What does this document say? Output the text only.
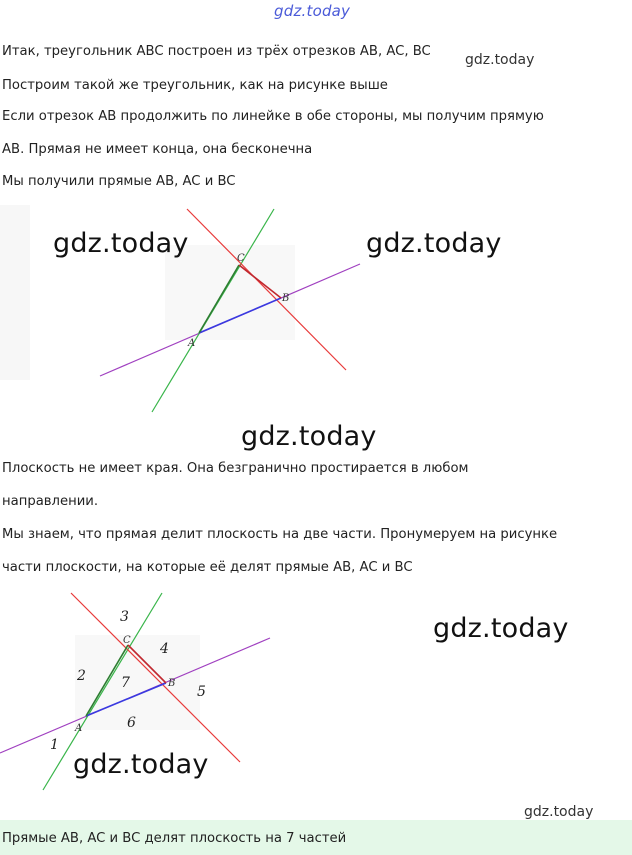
gdz.today
Итак, треугольник ABC построен из трёх отрезков AB, AC, BC
gdz.today
Построим такой же треугольник, как на рисунке выше
Если отрезок AB продолжить по линейке в обе стороны, мы получим прямую
AB. Прямая не имеет конца, она бесконечна
Мы получили прямые AB, AC и BC
A
B
C
gdz.today	gdz.today
gdz.today
Плоскость не имеет края. Она безгранично простирается в любом
направлении.
Мы знаем, что прямая делит плоскость на две части. Пронумеруем на рисунке
части плоскости, на которые её делят прямые AB, AC и BC
A
B
C
1
2
3
4
5
6
7
gdz.today
gdz.today
gdz.today
Прямые AB, AC и BC делят плоскость на 7 частей
